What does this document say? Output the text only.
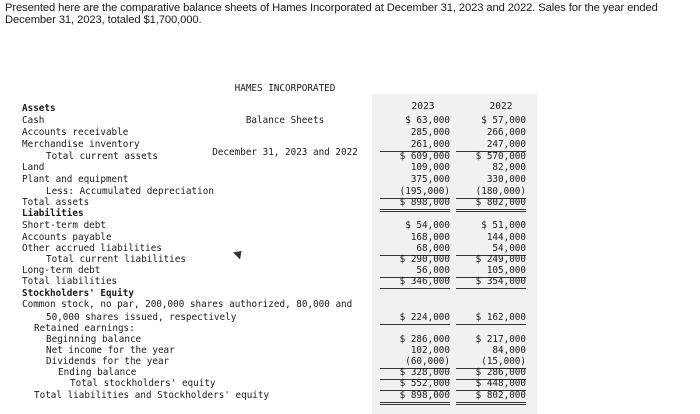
Presented here are the comparative balance sheets of Hames Incorporated at December 31, 2023 and 2022. Sales for the year ended December 31, 2023, totaled $1,700,000.

HAMES INCORPORATED

Balance Sheets

December 31, 2023 and 2022

2023	2022
Assets
Cash	$ 63,000	$ 57,000
Accounts receivable	285,000	266,000
Merchandise inventory	261,000	247,000
Total current assets	$ 609,000	$ 570,000
Land	109,000	82,000
Plant and equipment	375,000	330,000
Less: Accumulated depreciation	(195,000)	(180,000)
Total assets	$ 898,000	$ 802,000
Liabilities
Short-term debt	$ 54,000	$ 51,000
Accounts payable	168,000	144,000
Other accrued liabilities	68,000	54,000
Total current liabilities	$ 290,000	$ 249,000
Long-term debt	56,000	105,000
Total liabilities	$ 346,000	$ 354,000
Stockholders' Equity
Common stock, no par, 200,000 shares authorized, 80,000 and
50,000 shares issued, respectively	$ 224,000	$ 162,000
Retained earnings:
Beginning balance	$ 286,000	$ 217,000
Net income for the year	102,000	84,000
Dividends for the year	(60,000)	(15,000)
Ending balance	$ 328,000	$ 286,000
Total stockholders' equity	$ 552,000	$ 448,000
Total liabilities and Stockholders' equity	$ 898,000	$ 802,000
